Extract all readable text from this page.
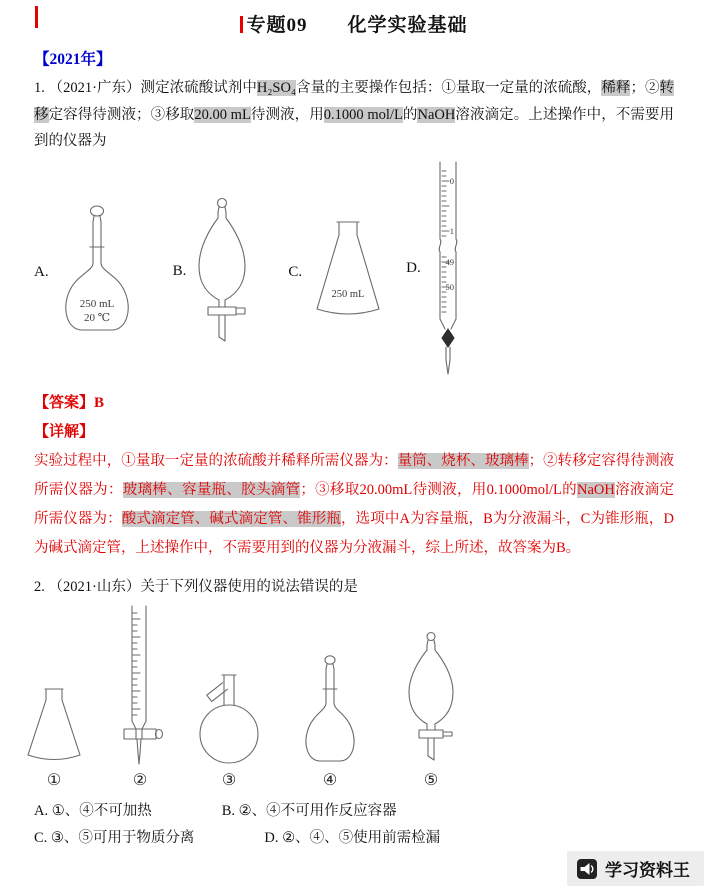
专题09　　化学实验基础
【2021年】
1. （2021·广东）测定浓硫酸试剂中H₂SO₄含量的主要操作包括：①量取一定量的浓硫酸，稀释；②转移定容得待测液；③移取20.00 mL待测液，用0.1000 mol/L的NaOH溶液滴定。上述操作中，不需要用到的仪器为
A.
250 mL
20 ℃
B.	C.
250 mL
D.
0
1
49
50
【答案】B
【详解】
实验过程中，①量取一定量的浓硫酸并稀释所需仪器为：量筒、烧杯、玻璃棒；②转移定容得待测液所需仪器为：玻璃棒、容量瓶、胶头滴管；③移取20.00mL待测液，用0.1000mol/L的NaOH溶液滴定所需仪器为：酸式滴定管、碱式滴定管、锥形瓶，选项中A为容量瓶，B为分液漏斗，C为锥形瓶，D为碱式滴定管，上述操作中，不需要用到的仪器为分液漏斗，综上所述，故答案为B。
2. （2021·山东）关于下列仪器使用的说法错误的是
①	②	③	④	⑤
A. ①、④不可加热	B. ②、④不可用作反应容器
C. ③、⑤可用于物质分离	D. ②、④、⑤使用前需检漏
学习资料王
